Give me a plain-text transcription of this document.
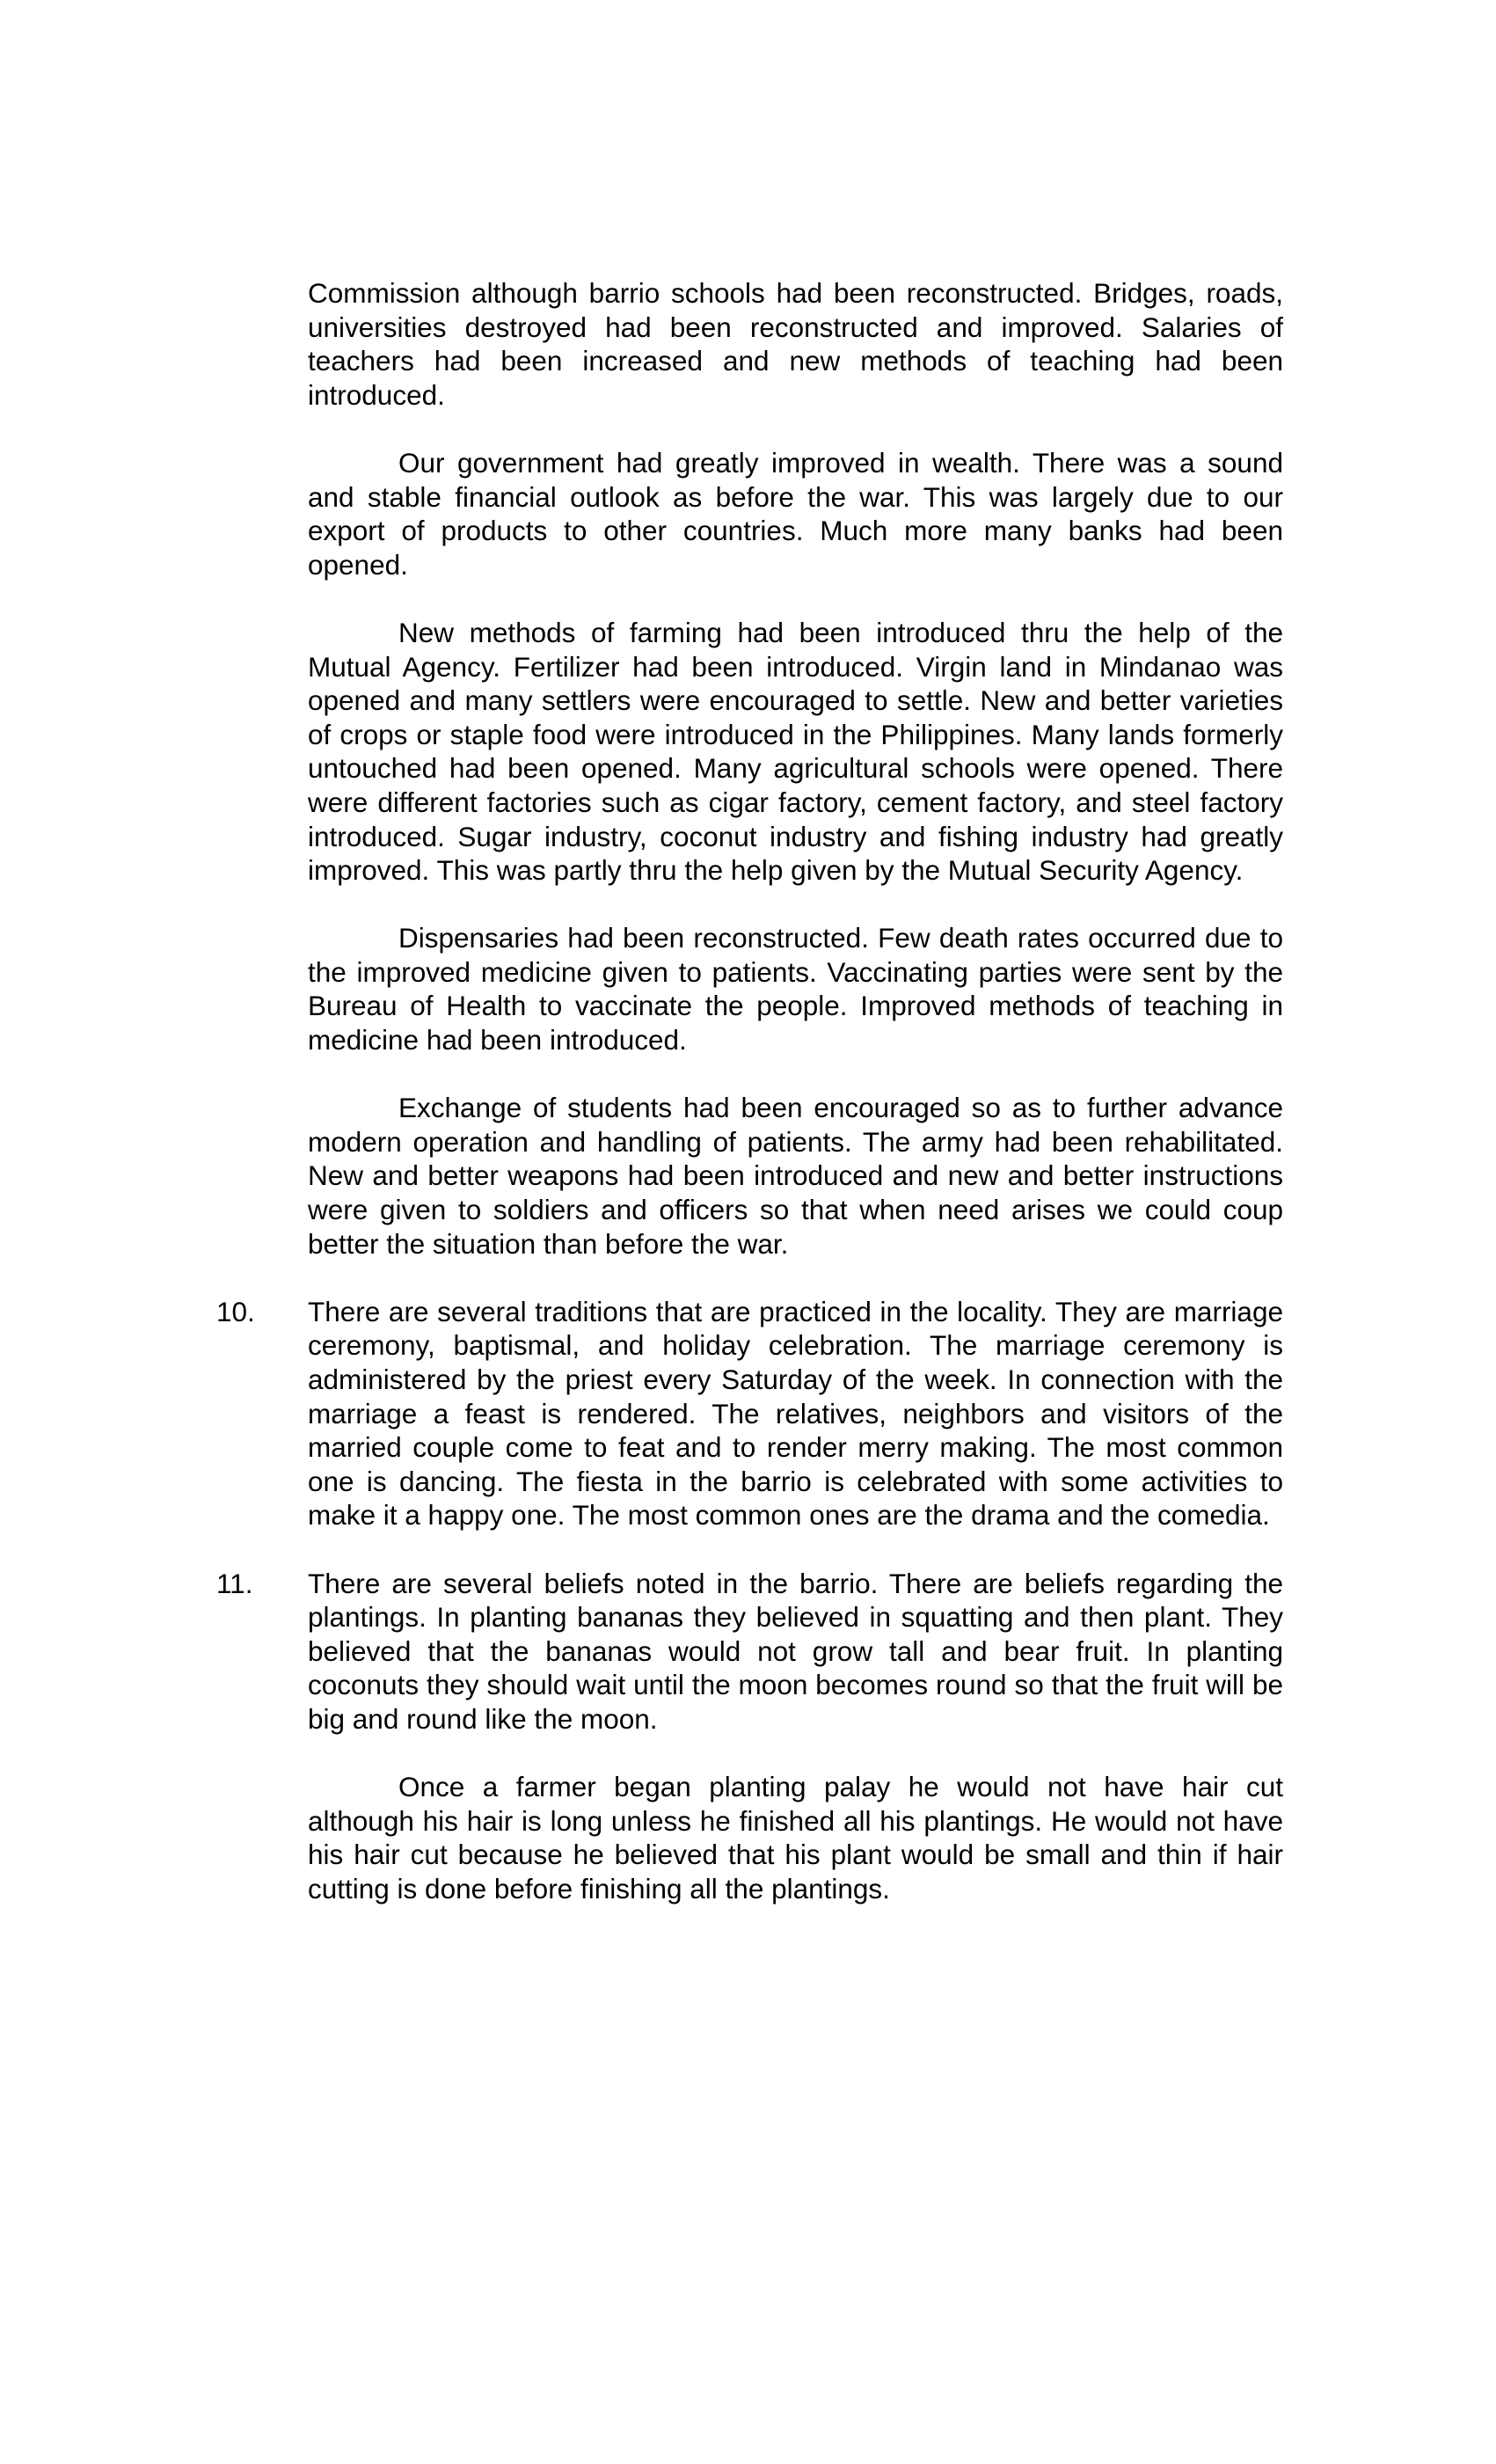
Commission although barrio schools had been reconstructed. Bridges, roads, universities destroyed had been reconstructed and improved. Salaries of teachers had been increased and new methods of teaching had been introduced.

Our government had greatly improved in wealth. There was a sound and stable financial outlook as before the war. This was largely due to our export of products to other countries. Much more many banks had been opened.

New methods of farming had been introduced thru the help of the Mutual Agency. Fertilizer had been introduced. Virgin land in Mindanao was opened and many settlers were encouraged to settle. New and better varieties of crops or staple food were introduced in the Philippines. Many lands formerly untouched had been opened. Many agricultural schools were opened. There were different factories such as cigar factory, cement factory, and steel factory introduced. Sugar industry, coconut industry and fishing industry had greatly improved. This was partly thru the help given by the Mutual Security Agency.

Dispensaries had been reconstructed. Few death rates occurred due to the improved medicine given to patients. Vaccinating parties were sent by the Bureau of Health to vaccinate the people. Improved methods of teaching in medicine had been introduced.

Exchange of students had been encouraged so as to further advance modern operation and handling of patients. The army had been rehabilitated. New and better weapons had been introduced and new and better instructions were given to soldiers and officers so that when need arises we could coup better the situation than before the war.

10. There are several traditions that are practiced in the locality. They are marriage ceremony, baptismal, and holiday celebration. The marriage ceremony is administered by the priest every Saturday of the week. In connection with the marriage a feast is rendered. The relatives, neighbors and visitors of the married couple come to feat and to render merry making. The most common one is dancing. The fiesta in the barrio is celebrated with some activities to make it a happy one. The most common ones are the drama and the comedia.

11. There are several beliefs noted in the barrio. There are beliefs regarding the plantings. In planting bananas they believed in squatting and then plant. They believed that the bananas would not grow tall and bear fruit. In planting coconuts they should wait until the moon becomes round so that the fruit will be big and round like the moon.

Once a farmer began planting palay he would not have hair cut although his hair is long unless he finished all his plantings. He would not have his hair cut because he believed that his plant would be small and thin if hair cutting is done before finishing all the plantings.
